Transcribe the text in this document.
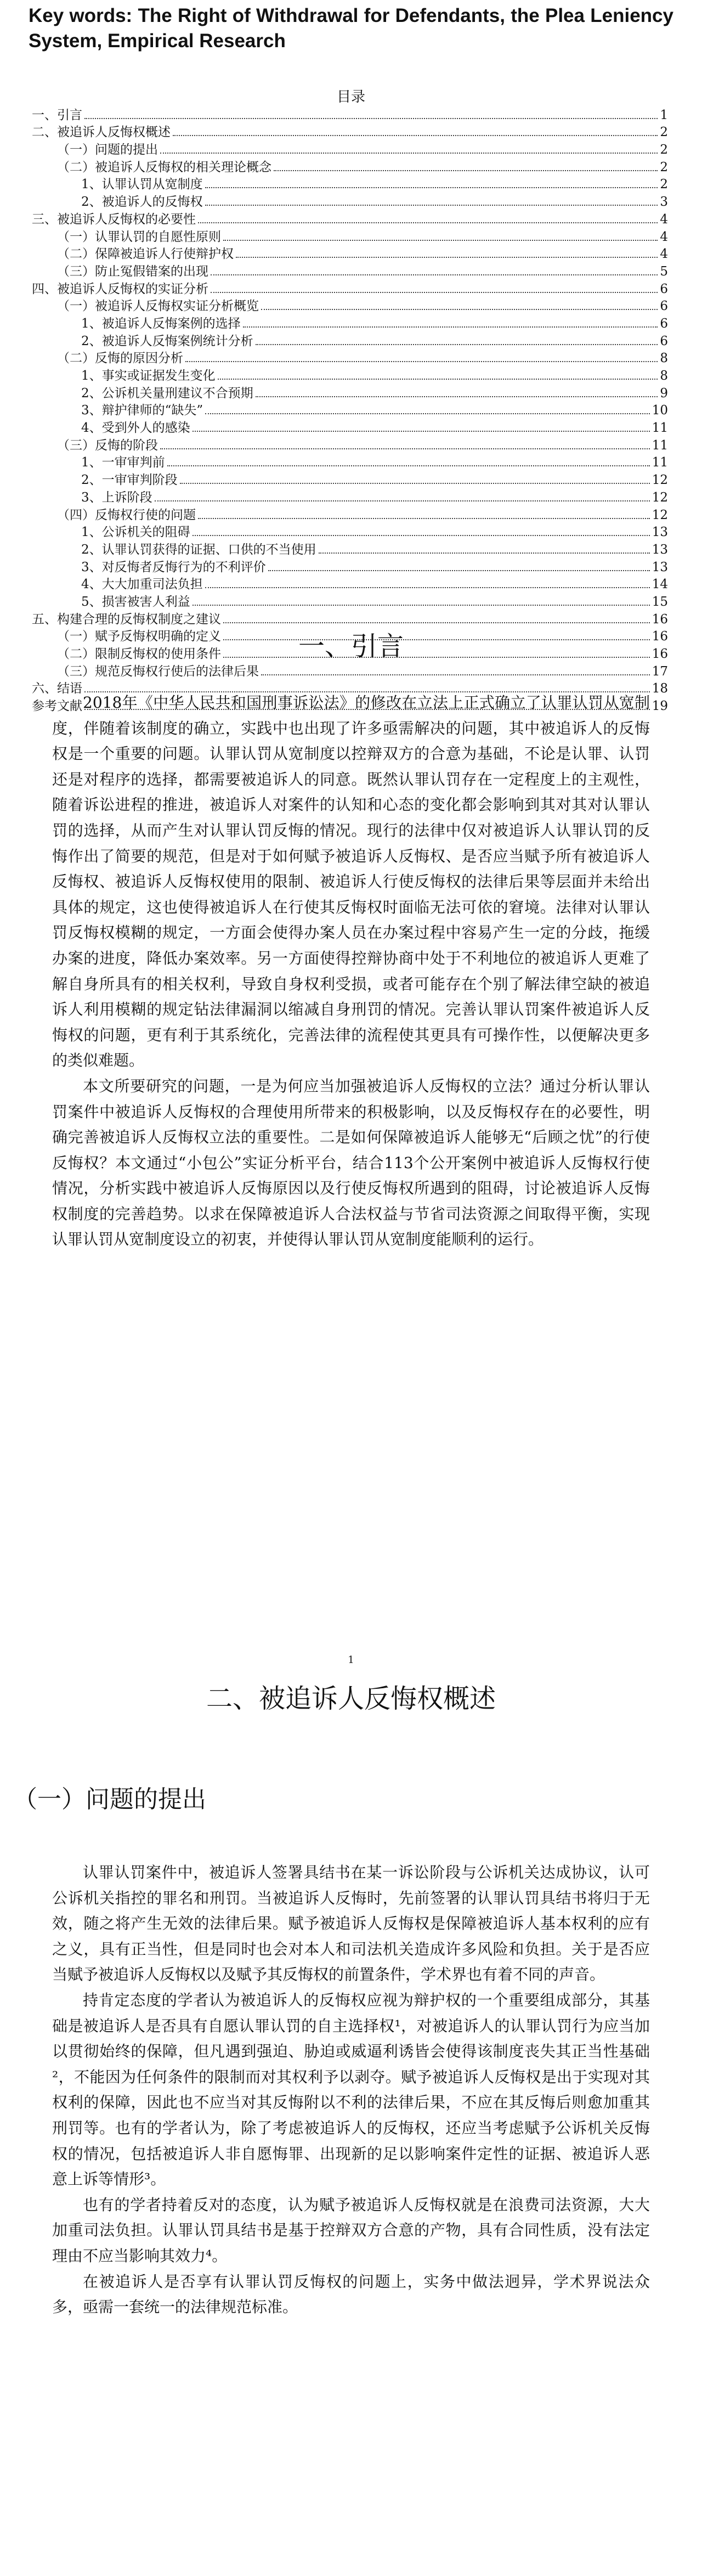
Key words: The Right of Withdrawal for Defendants, the Plea Leniency System, Empirical Research

目录
一、引言	1
二、被追诉人反悔权概述	2
（一）问题的提出	2
（二）被追诉人反悔权的相关理论概念	2
1、认罪认罚从宽制度	2
2、被追诉人的反悔权	3
三、被追诉人反悔权的必要性	4
（一）认罪认罚的自愿性原则	4
（二）保障被追诉人行使辩护权	4
（三）防止冤假错案的出现	5
四、被追诉人反悔权的实证分析	6
（一）被追诉人反悔权实证分析概览	6
1、被追诉人反悔案例的选择	6
2、被追诉人反悔案例统计分析	6
（二）反悔的原因分析	8
1、事实或证据发生变化	8
2、公诉机关量刑建议不合预期	9
3、辩护律师的“缺失”	10
4、受到外人的感染	11
（三）反悔的阶段	11
1、一审审判前	11
2、一审审判阶段	12
3、上诉阶段	12
（四）反悔权行使的问题	12
1、公诉机关的阻碍	13
2、认罪认罚获得的证据、口供的不当使用	13
3、对反悔者反悔行为的不利评价	13
4、大大加重司法负担	14
5、损害被害人利益	15
五、构建合理的反悔权制度之建议	16
（一）赋予反悔权明确的定义	16
（二）限制反悔权的使用条件	16
（三）规范反悔权行使后的法律后果	17
六、结语	18
参考文献	19
一、引言

2018年《中华人民共和国刑事诉讼法》的修改在立法上正式确立了认罪认罚从宽制度，伴随着该制度的确立，实践中也出现了许多亟需解决的问题，其中被追诉人的反悔权是一个重要的问题。认罪认罚从宽制度以控辩双方的合意为基础，不论是认罪、认罚还是对程序的选择，都需要被追诉人的同意。既然认罪认罚存在一定程度上的主观性，随着诉讼进程的推进，被追诉人对案件的认知和心态的变化都会影响到其对其对认罪认罚的选择，从而产生对认罪认罚反悔的情况。现行的法律中仅对被追诉人认罪认罚的反悔作出了简要的规范，但是对于如何赋予被追诉人反悔权、是否应当赋予所有被追诉人反悔权、被追诉人反悔权使用的限制、被追诉人行使反悔权的法律后果等层面并未给出具体的规定，这也使得被追诉人在行使其反悔权时面临无法可依的窘境。法律对认罪认罚反悔权模糊的规定，一方面会使得办案人员在办案过程中容易产生一定的分歧，拖缓办案的进度，降低办案效率。另一方面使得控辩协商中处于不利地位的被追诉人更难了解自身所具有的相关权利，导致自身权利受损，或者可能存在个别了解法律空缺的被追诉人利用模糊的规定钻法律漏洞以缩减自身刑罚的情况。完善认罪认罚案件被追诉人反悔权的问题，更有利于其系统化，完善法律的流程使其更具有可操作性，以便解决更多的类似难题。

本文所要研究的问题，一是为何应当加强被追诉人反悔权的立法？通过分析认罪认罚案件中被追诉人反悔权的合理使用所带来的积极影响，以及反悔权存在的必要性，明确完善被追诉人反悔权立法的重要性。二是如何保障被追诉人能够无“后顾之忧”的行使反悔权？本文通过“小包公”实证分析平台，结合113个公开案例中被追诉人反悔权行使情况，分析实践中被追诉人反悔原因以及行使反悔权所遇到的阻碍，讨论被追诉人反悔权制度的完善趋势。以求在保障被追诉人合法权益与节省司法资源之间取得平衡，实现认罪认罚从宽制度设立的初衷，并使得认罪认罚从宽制度能顺利的运行。

1
二、被追诉人反悔权概述
（一）问题的提出

认罪认罚案件中，被追诉人签署具结书在某一诉讼阶段与公诉机关达成协议，认可公诉机关指控的罪名和刑罚。当被追诉人反悔时，先前签署的认罪认罚具结书将归于无效，随之将产生无效的法律后果。赋予被追诉人反悔权是保障被追诉人基本权利的应有之义，具有正当性，但是同时也会对本人和司法机关造成许多风险和负担。关于是否应当赋予被追诉人反悔权以及赋予其反悔权的前置条件，学术界也有着不同的声音。

持肯定态度的学者认为被追诉人的反悔权应视为辩护权的一个重要组成部分，其基础是被追诉人是否具有自愿认罪认罚的自主选择权¹，对被追诉人的认罪认罚行为应当加以贯彻始终的保障，但凡遇到强迫、胁迫或威逼利诱皆会使得该制度丧失其正当性基础²，不能因为任何条件的限制而对其权利予以剥夺。赋予被追诉人反悔权是出于实现对其权利的保障，因此也不应当对其反悔附以不利的法律后果，不应在其反悔后则愈加重其刑罚等。也有的学者认为，除了考虑被追诉人的反悔权，还应当考虑赋予公诉机关反悔权的情况，包括被追诉人非自愿悔罪、出现新的足以影响案件定性的证据、被追诉人恶意上诉等情形³。

也有的学者持着反对的态度，认为赋予被追诉人反悔权就是在浪费司法资源，大大加重司法负担。认罪认罚具结书是基于控辩双方合意的产物，具有合同性质，没有法定理由不应当影响其效力⁴。

在被追诉人是否享有认罪认罚反悔权的问题上，实务中做法迥异，学术界说法众多，亟需一套统一的法律规范标准。
